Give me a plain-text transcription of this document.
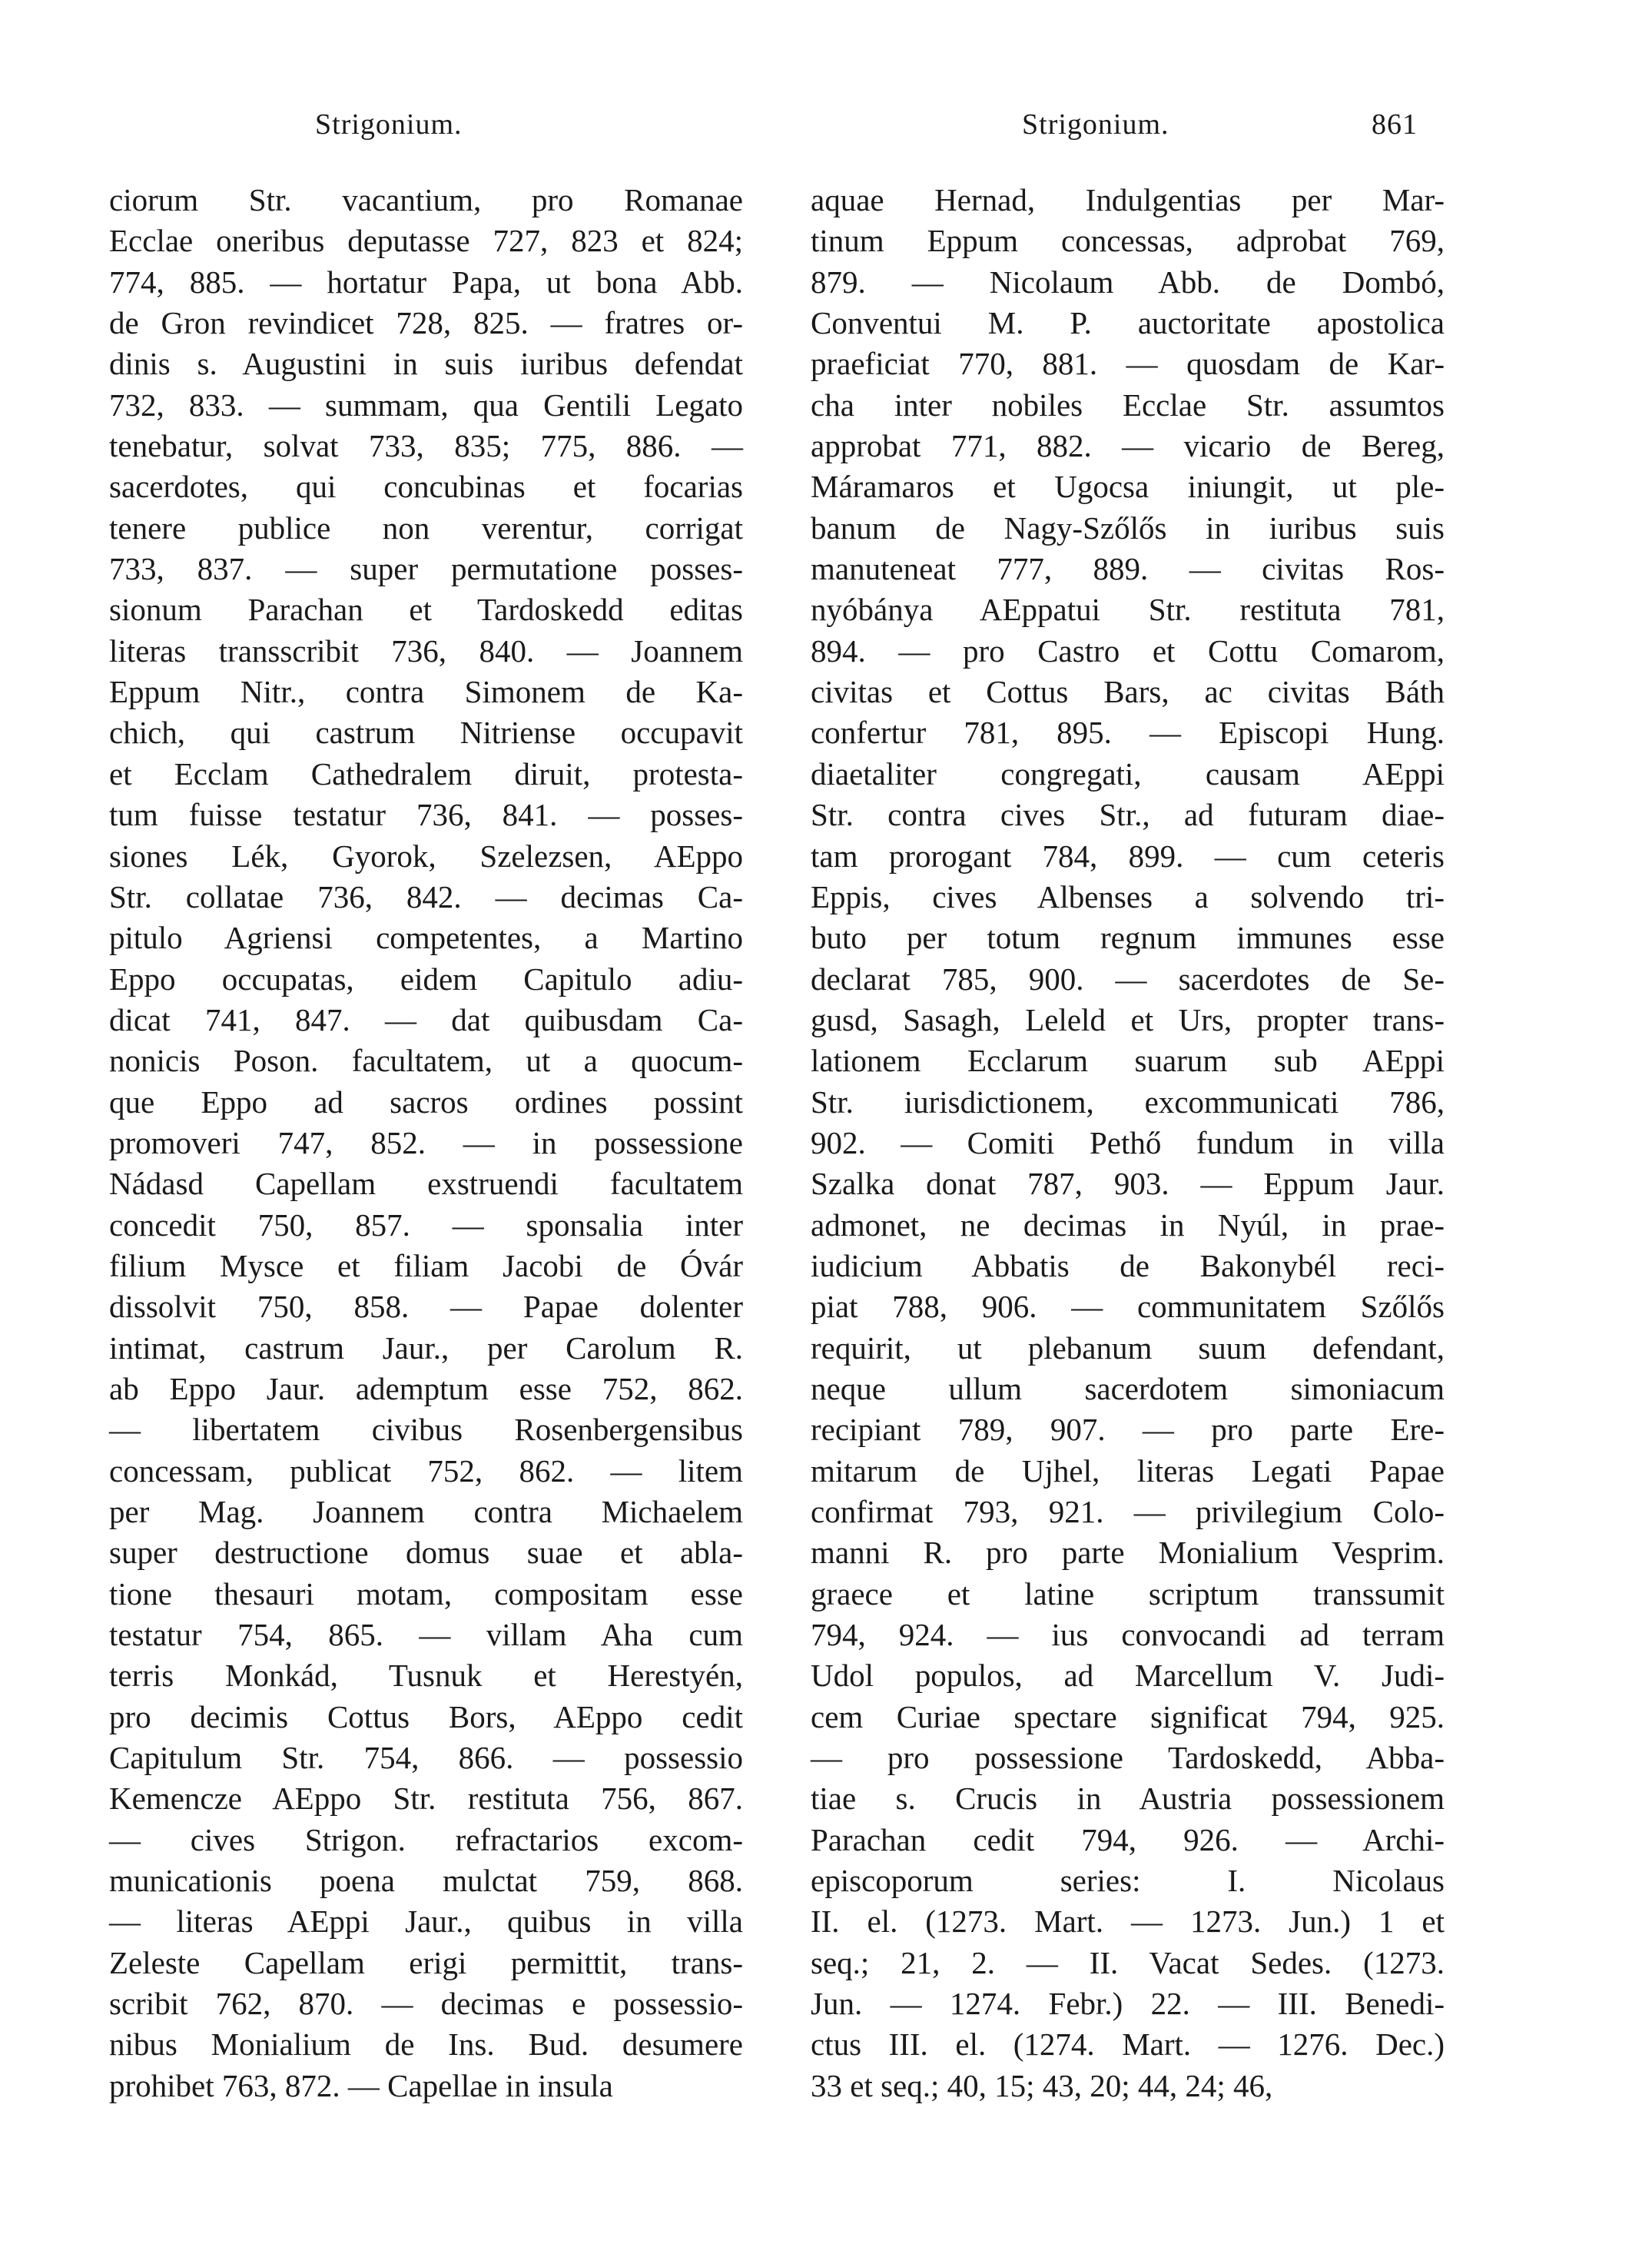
Strigonium.	Strigonium.	861
ciorum Str. vacantium, pro Romanae
Ecclae oneribus deputasse 727, 823 et 824;
774, 885. — hortatur Papa, ut bona Abb.
de Gron revindicet 728, 825. — fratres or-
dinis s. Augustini in suis iuribus defendat
732, 833. — summam, qua Gentili Legato
tenebatur, solvat 733, 835; 775, 886. —
sacerdotes, qui concubinas et focarias
tenere publice non verentur, corrigat
733, 837. — super permutatione posses-
sionum Parachan et Tardoskedd editas
literas transscribit 736, 840. — Joannem
Eppum Nitr., contra Simonem de Ka-
chich, qui castrum Nitriense occupavit
et Ecclam Cathedralem diruit, protesta-
tum fuisse testatur 736, 841. — posses-
siones Lék, Gyorok, Szelezsen, AEppo
Str. collatae 736, 842. — decimas Ca-
pitulo Agriensi competentes, a Martino
Eppo occupatas, eidem Capitulo adiu-
dicat 741, 847. — dat quibusdam Ca-
nonicis Poson. facultatem, ut a quocum-
que Eppo ad sacros ordines possint
promoveri 747, 852. — in possessione
Nádasd Capellam exstruendi facultatem
concedit 750, 857. — sponsalia inter
filium Mysce et filiam Jacobi de Óvár
dissolvit 750, 858. — Papae dolenter
intimat, castrum Jaur., per Carolum R.
ab Eppo Jaur. ademptum esse 752, 862.
— libertatem civibus Rosenbergensibus
concessam, publicat 752, 862. — litem
per Mag. Joannem contra Michaelem
super destructione domus suae et abla-
tione thesauri motam, compositam esse
testatur 754, 865. — villam Aha cum
terris Monkád, Tusnuk et Herestyén,
pro decimis Cottus Bors, AEppo cedit
Capitulum Str. 754, 866. — possessio
Kemencze AEppo Str. restituta 756, 867.
— cives Strigon. refractarios excom-
municationis poena mulctat 759, 868.
— literas AEppi Jaur., quibus in villa
Zeleste Capellam erigi permittit, trans-
scribit 762, 870. — decimas e possessio-
nibus Monialium de Ins. Bud. desumere
prohibet 763, 872. — Capellae in insula
aquae Hernad, Indulgentias per Mar-
tinum Eppum concessas, adprobat 769,
879. — Nicolaum Abb. de Dombó,
Conventui M. P. auctoritate apostolica
praeficiat 770, 881. — quosdam de Kar-
cha inter nobiles Ecclae Str. assumtos
approbat 771, 882. — vicario de Bereg,
Máramaros et Ugocsa iniungit, ut ple-
banum de Nagy-Szőlős in iuribus suis
manuteneat 777, 889. — civitas Ros-
nyóbánya AEppatui Str. restituta 781,
894. — pro Castro et Cottu Comarom,
civitas et Cottus Bars, ac civitas Báth
confertur 781, 895. — Episcopi Hung.
diaetaliter congregati, causam AEppi
Str. contra cives Str., ad futuram diae-
tam prorogant 784, 899. — cum ceteris
Eppis, cives Albenses a solvendo tri-
buto per totum regnum immunes esse
declarat 785, 900. — sacerdotes de Se-
gusd, Sasagh, Leleld et Urs, propter trans-
lationem Ecclarum suarum sub AEppi
Str. iurisdictionem, excommunicati 786,
902. — Comiti Pethő fundum in villa
Szalka donat 787, 903. — Eppum Jaur.
admonet, ne decimas in Nyúl, in prae-
iudicium Abbatis de Bakonybél reci-
piat 788, 906. — communitatem Szőlős
requirit, ut plebanum suum defendant,
neque ullum sacerdotem simoniacum
recipiant 789, 907. — pro parte Ere-
mitarum de Ujhel, literas Legati Papae
confirmat 793, 921. — privilegium Colo-
manni R. pro parte Monialium Vesprim.
graece et latine scriptum transsumit
794, 924. — ius convocandi ad terram
Udol populos, ad Marcellum V. Judi-
cem Curiae spectare significat 794, 925.
— pro possessione Tardoskedd, Abba-
tiae s. Crucis in Austria possessionem
Parachan cedit 794, 926. — Archi-
episcoporum series: I. Nicolaus
II. el. (1273. Mart. — 1273. Jun.) 1 et
seq.; 21, 2. — II. Vacat Sedes. (1273.
Jun. — 1274. Febr.) 22. — III. Benedi-
ctus III. el. (1274. Mart. — 1276. Dec.)
33 et seq.; 40, 15; 43, 20; 44, 24; 46,
